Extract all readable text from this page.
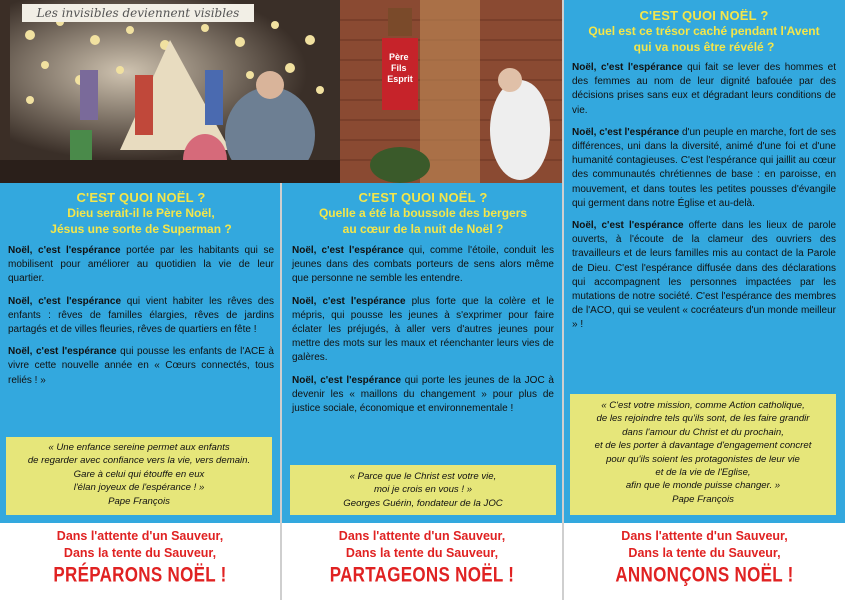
Père Fils Esprit
Les invisibles deviennent visibles
C'EST QUOI NOËL ?
Dieu serait-il le Père Noël,
Jésus une sorte de Superman ?

Noël, c'est l'espérance portée par les habitants qui se mobilisent pour améliorer au quotidien la vie de leur quartier.

Noël, c'est l'espérance qui vient habiter les rêves des enfants : rêves de familles élargies, rêves de jardins partagés et de villes fleuries, rêves de quartiers en fête !

Noël, c'est l'espérance qui pousse les enfants de l'ACE à vivre cette nouvelle année en « Cœurs connectés, tous reliés ! »

« Une enfance sereine permet aux enfants
de regarder avec confiance vers la vie, vers demain.
Gare à celui qui étouffe en eux
l'élan joyeux de l'espérance ! »
Pape François
Dans l'attente d'un Sauveur,
Dans la tente du Sauveur,
PRÉPARONS NOËL !
C'EST QUOI NOËL ?
Quelle a été la boussole des bergers
au cœur de la nuit de Noël ?

Noël, c'est l'espérance qui, comme l'étoile, conduit les jeunes dans des combats porteurs de sens alors même que personne ne semble les entendre.

Noël, c'est l'espérance plus forte que la colère et le mépris, qui pousse les jeunes à s'exprimer pour faire éclater les préjugés, à aller vers d'autres jeunes pour mettre des mots sur les maux et réenchanter leurs vies de galères.

Noël, c'est l'espérance qui porte les jeunes de la JOC à devenir les « maillons du changement » pour plus de justice sociale, économique et environnementale !

« Parce que le Christ est votre vie,
moi je crois en vous ! »
Georges Guérin, fondateur de la JOC
Dans l'attente d'un Sauveur,
Dans la tente du Sauveur,
PARTAGEONS NOËL !
C'EST QUOI NOËL ?
Quel est ce trésor caché pendant l'Avent
qui va nous être révélé ?

Noël, c'est l'espérance qui fait se lever des hommes et des femmes au nom de leur dignité bafouée par des décisions prises sans eux et dégradant leurs conditions de vie.

Noël, c'est l'espérance d'un peuple en marche, fort de ses différences, uni dans la diversité, animé d'une foi et d'une humanité contagieuses. C'est l'espérance qui jaillit au cœur des communautés chrétiennes de base : en paroisse, en mouvement, et dans toutes les petites pousses d'évangile qui germent dans notre Église et au-delà.

Noël, c'est l'espérance offerte dans les lieux de parole ouverts, à l'écoute de la clameur des ouvriers des travailleurs et de leurs familles mis au contact de la Parole de Dieu. C'est l'espérance diffusée dans des déclarations qui accompagnent les personnes impactées par les mutations de notre société. C'est l'espérance des membres de l'ACO, qui se veulent « cocréateurs d'un monde meilleur » !

« C'est votre mission, comme Action catholique,
de les rejoindre tels qu'ils sont, de les faire grandir
dans l'amour du Christ et du prochain,
et de les porter à davantage d'engagement concret
pour qu'ils soient les protagonistes de leur vie
et de la vie de l'Eglise,
afin que le monde puisse changer. »
Pape François
Dans l'attente d'un Sauveur,
Dans la tente du Sauveur,
ANNONÇONS NOËL !
